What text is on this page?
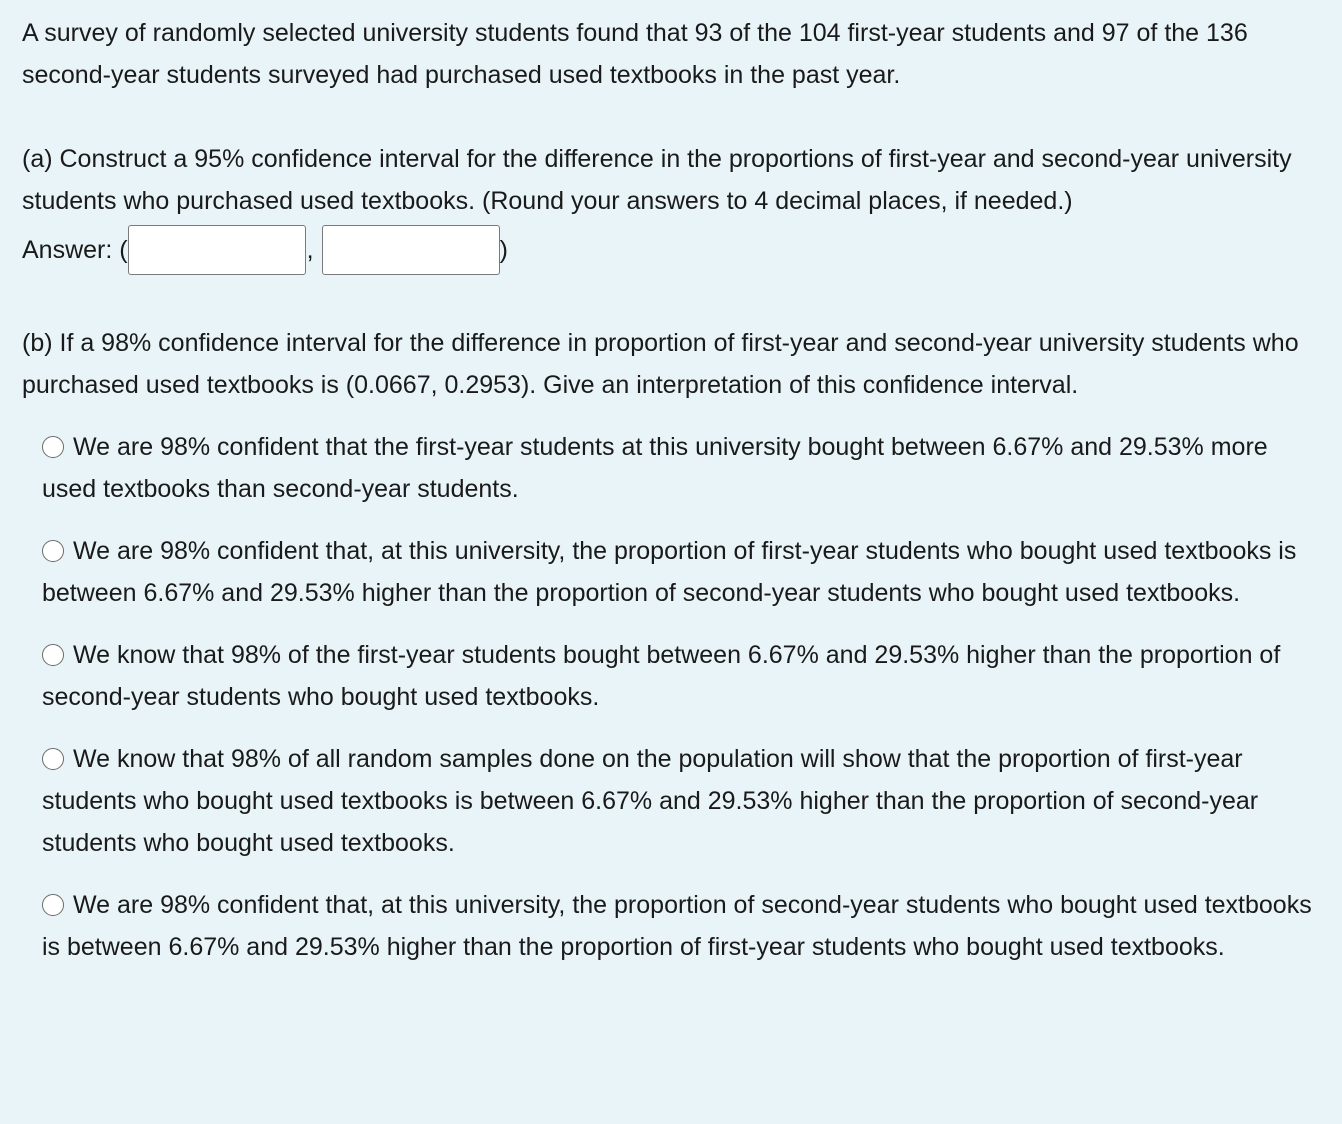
A survey of randomly selected university students found that 93 of the 104 first-year students and 97 of the 136 second-year students surveyed had purchased used textbooks in the past year.

(a) Construct a 95% confidence interval for the difference in the proportions of first-year and second-year university students who purchased used textbooks. (Round your answers to 4 decimal places, if needed.)

Answer: (	,	)

(b) If a 98% confidence interval for the difference in proportion of first-year and second-year university students who purchased used textbooks is (0.0667, 0.2953). Give an interpretation of this confidence interval.

We are 98% confident that the first-year students at this university bought between 6.67% and 29.53% more used textbooks than second-year students.
We are 98% confident that, at this university, the proportion of first-year students who bought used textbooks is between 6.67% and 29.53% higher than the proportion of second-year students who bought used textbooks.
We know that 98% of the first-year students bought between 6.67% and 29.53% higher than the proportion of second-year students who bought used textbooks.
We know that 98% of all random samples done on the population will show that the proportion of first-year students who bought used textbooks is between 6.67% and 29.53% higher than the proportion of second-year students who bought used textbooks.
We are 98% confident that, at this university, the proportion of second-year students who bought used textbooks is between 6.67% and 29.53% higher than the proportion of first-year students who bought used textbooks.
